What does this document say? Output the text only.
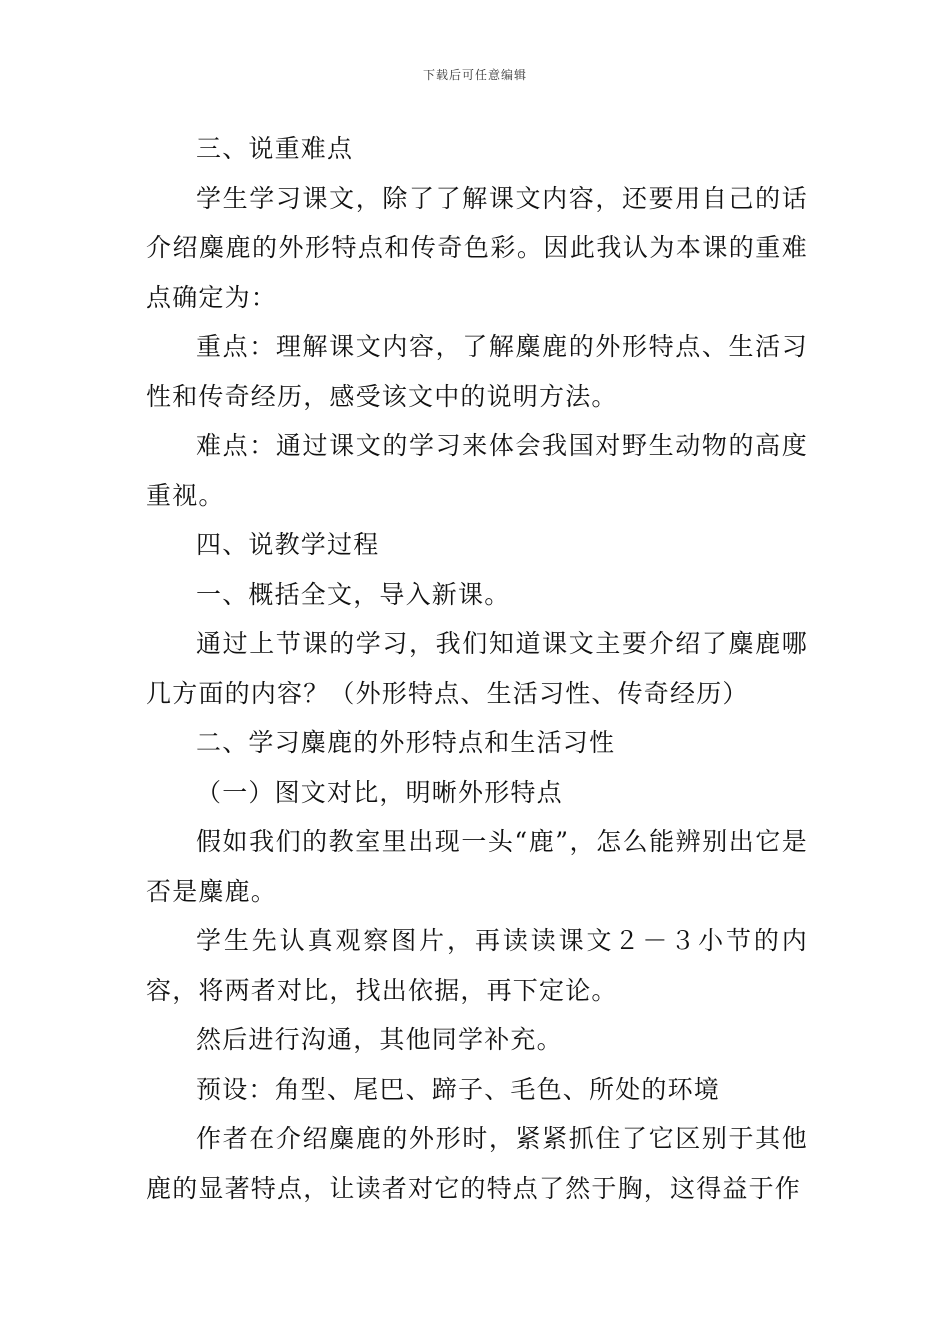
下载后可任意编辑

三、说重难点

学生学习课文，除了了解课文内容，还要用自己的话介绍麋鹿的外形特点和传奇色彩。因此我认为本课的重难点确定为：

重点：理解课文内容，了解麋鹿的外形特点、生活习性和传奇经历，感受该文中的说明方法。

难点：通过课文的学习来体会我国对野生动物的高度重视。

四、说教学过程

一、概括全文，导入新课。

通过上节课的学习，我们知道课文主要介绍了麋鹿哪几方面的内容？（外形特点、生活习性、传奇经历）

二、学习麋鹿的外形特点和生活习性

（一）图文对比，明晰外形特点

假如我们的教室里出现一头“鹿”，怎么能辨别出它是否是麋鹿。

学生先认真观察图片，再读读课文２－３小节的内容，将两者对比，找出依据，再下定论。

然后进行沟通，其他同学补充。

预设：角型、尾巴、蹄子、毛色、所处的环境

作者在介绍麋鹿的外形时，紧紧抓住了它区别于其他鹿的显著特点，让读者对它的特点了然于胸，这得益于作
